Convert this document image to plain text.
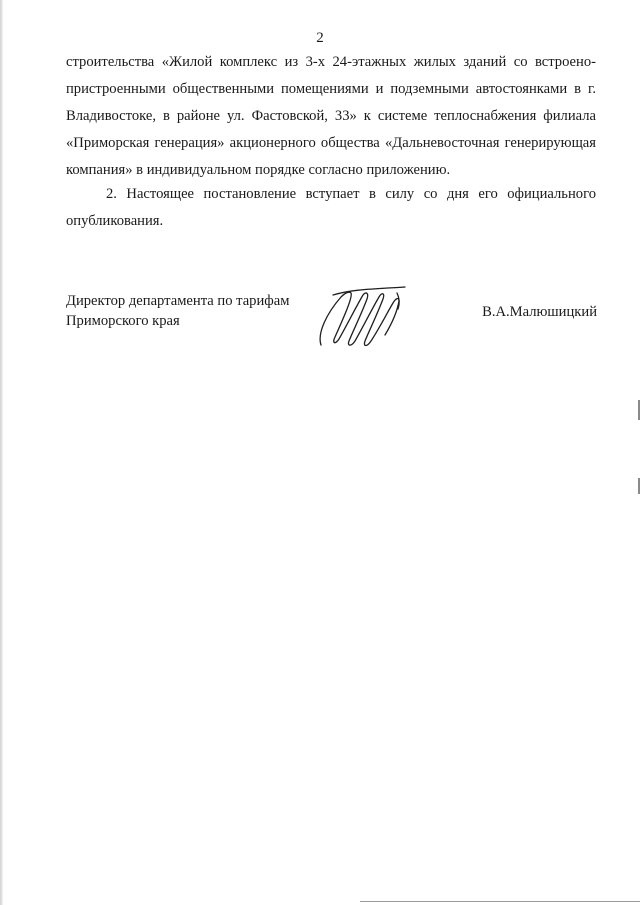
2

строительства «Жилой комплекс из 3-х 24-этажных жилых зданий со встроено-пристроенными общественными помещениями и подземными автостоянками в г. Владивостоке, в районе ул. Фастовской, 33» к системе теплоснабжения филиала «Приморская генерация» акционерного общества «Дальневосточная генерирующая компания» в индивидуальном порядке согласно приложению.

2. Настоящее постановление вступает в силу со дня его официального опубликования.

Директор департамента по тарифам
Приморского края
В.А.Малюшицкий
